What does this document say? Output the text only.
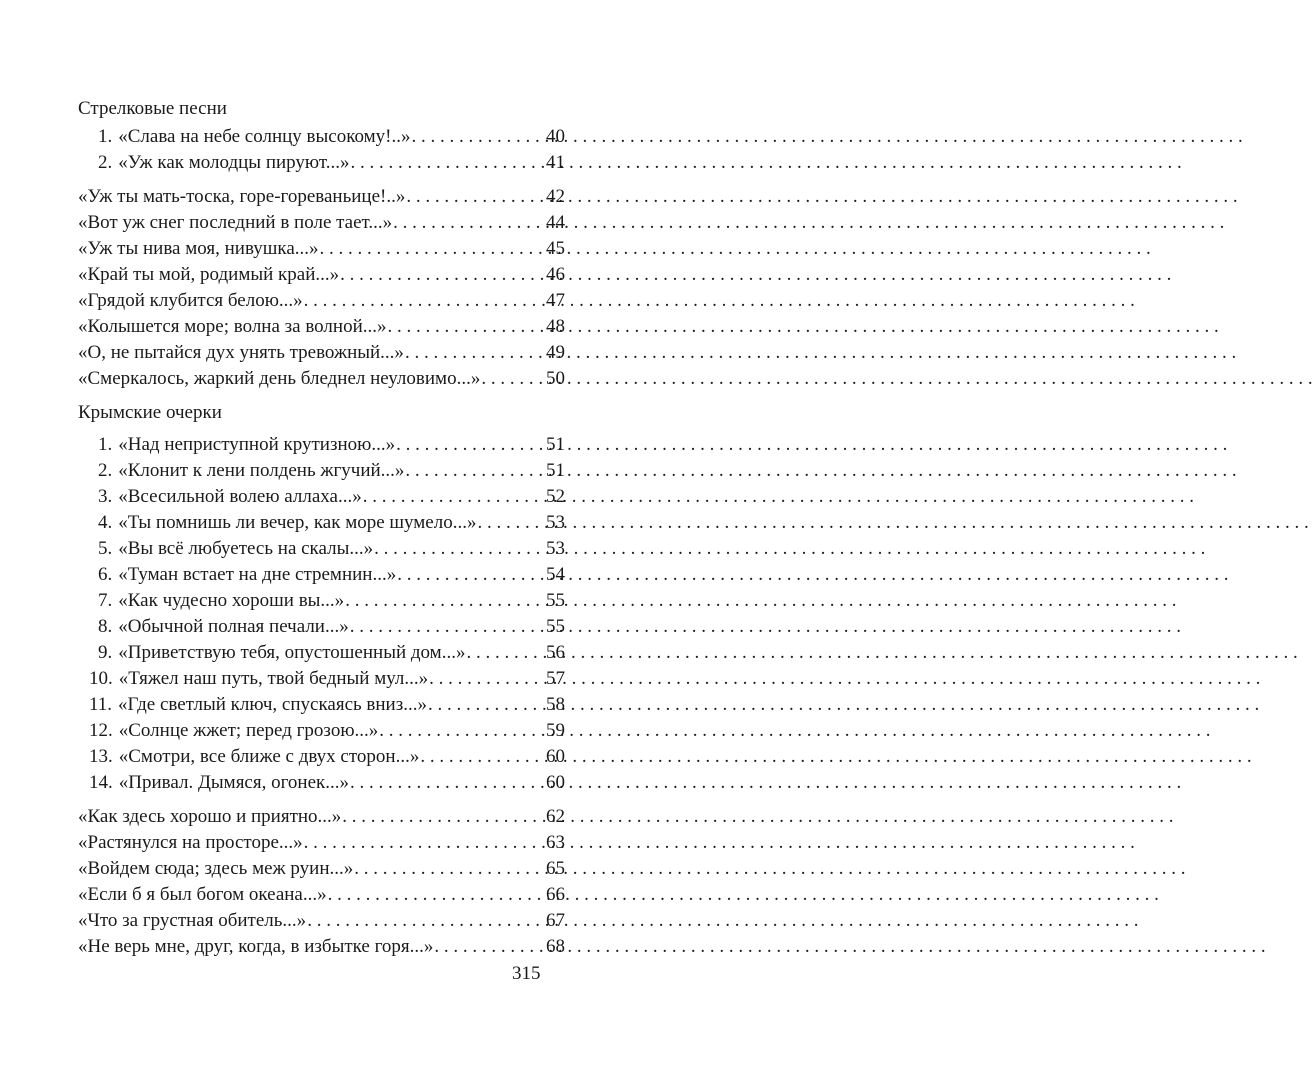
Стрелковые песни
1. «Слава на небе солнцу высокому!..» . . .	40
2. «Уж как молодцы пируют...» . . .	41
«Уж ты мать-тоска, горе-гореваньице!..» . . .	42
«Вот уж снег последний в поле тает...» . . .	44
«Уж ты нива моя, нивушка...» . . .	45
«Край ты мой, родимый край...» . . .	46
«Грядой клубится белою...» . . .	47
«Колышется море; волна за волной...» . . .	48
«О, не пытайся дух унять тревожный...» . . .	49
«Смеркалось, жаркий день бледнел неуловимо...» . . .	50
Крымские очерки
1. «Над неприступной крутизною...» . . .	51
2. «Клонит к лени полдень жгучий...» . . .	51
3. «Всесильной волею аллаха...» . . .	52
4. «Ты помнишь ли вечер, как море шумело...» . . .	53
5. «Вы всё любуетесь на скалы...» . . .	53
6. «Туман встает на дне стремнин...» . . .	54
7. «Как чудесно хороши вы...» . . .	55
8. «Обычной полная печали...» . . .	55
9. «Приветствую тебя, опустошенный дом...» . . .	56
10. «Тяжел наш путь, твой бедный мул...» . . .	57
11. «Где светлый ключ, спускаясь вниз...» . . .	58
12. «Солнце жжет; перед грозою...» . . .	59
13. «Смотри, все ближе с двух сторон...» . . .	60
14. «Привал. Дымяся, огонек...» . . .	60
«Как здесь хорошо и приятно...» . . .	62
«Растянулся на просторе...» . . .	63
«Войдем сюда; здесь меж руин...» . . .	65
«Если б я был богом океана...» . . .	66
«Что за грустная обитель...» . . .	67
«Не верь мне, друг, когда, в избытке горя...» . . .	68
315
